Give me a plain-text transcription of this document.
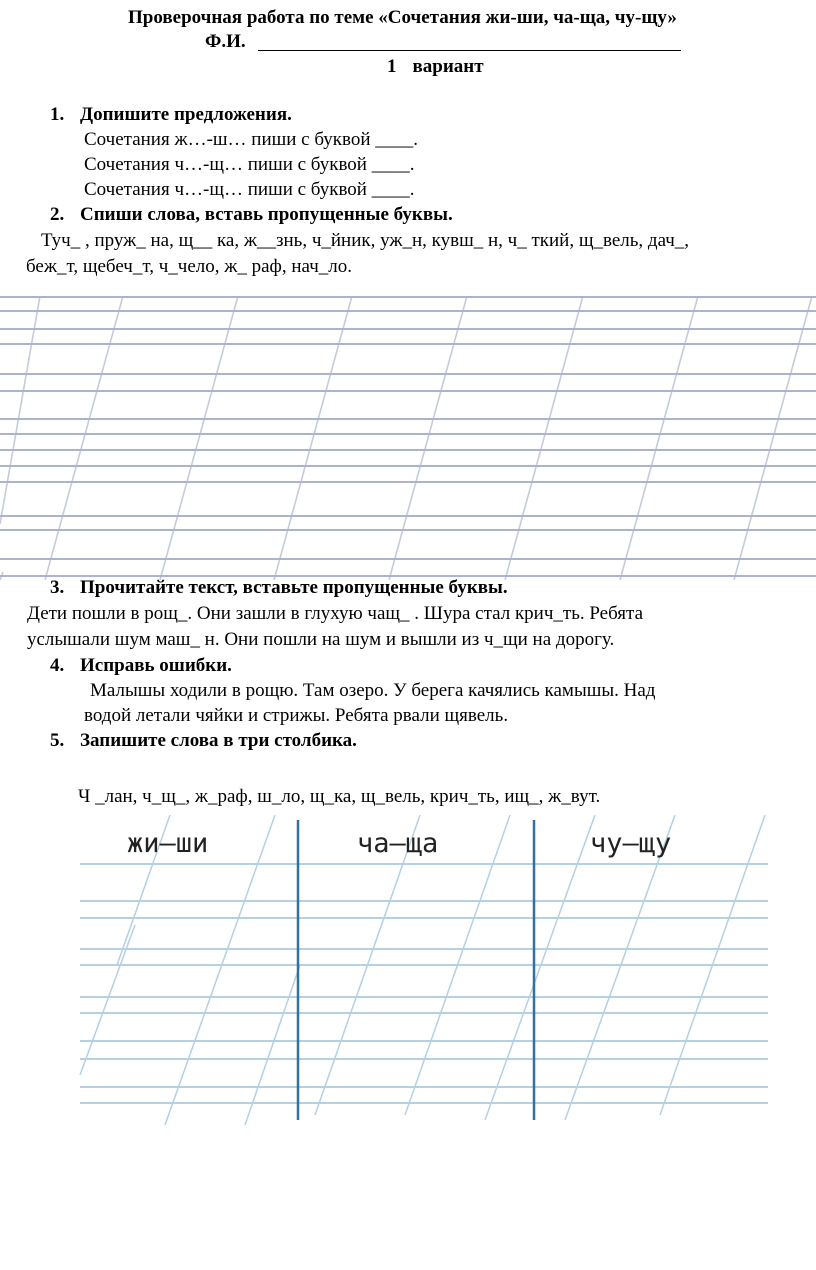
Проверочная работа по теме «Сочетания жи-ши, ча-ща, чу-щу»
Ф.И.
1 вариант
1. Допишите предложения.
Сочетания ж…-ш… пиши с буквой ____.
Сочетания ч…-щ… пиши с буквой ____.
Сочетания ч…-щ… пиши с буквой ____.
2. Спиши слова, вставь пропущенные буквы.
Туч_ , пруж_ на, щ__ ка, ж__знь, ч_йник, уж_н, кувш_ н, ч_ ткий, щ_вель, дач_,
беж_т, щебеч_т, ч_чело, ж_ раф, нач_ло.
3. Прочитайте текст, вставьте пропущенные буквы.
Дети пошли в рощ_. Они зашли в глухую чащ_ . Шура стал крич_ть. Ребята
услышали шум маш_ н. Они пошли на шум и вышли из ч_щи на дорогу.
4. Исправь ошибки.
Малышы ходили в рощю. Там озеро. У берега качялись камышы. Над
водой летали чяйки и стрижы. Ребята рвали щявель.
5. Запишите слова в три столбика.
Ч _лан, ч_щ_, ж_раф, ш_ло, щ_ка, щ_вель, крич_ть, ищ_, ж_вут.
жи–ши	ча–ща	чу–щу
